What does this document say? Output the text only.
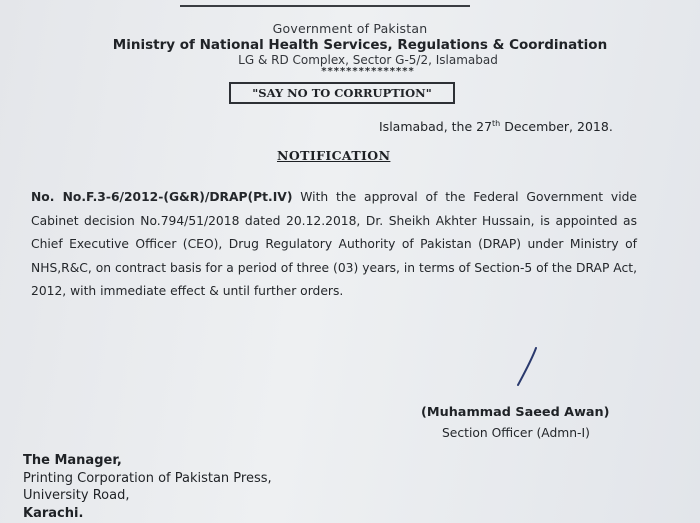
Government of Pakistan
Ministry of National Health Services, Regulations & Coordination
LG & RD Complex, Sector G-5/2, Islamabad
***************
"SAY NO TO CORRUPTION"
Islamabad, the 27th December, 2018.
NOTIFICATION

No. No.F.3-6/2012-(G&R)/DRAP(Pt.IV) With the approval of the Federal Government vide Cabinet decision No.794/51/2018 dated 20.12.2018, Dr. Sheikh Akhter Hussain, is appointed as Chief Executive Officer (CEO), Drug Regulatory Authority of Pakistan (DRAP) under Ministry of NHS,R&C, on contract basis for a period of three (03) years, in terms of Section-5 of the DRAP Act, 2012, with immediate effect & until further orders.

(Muhammad Saeed Awan)
Section Officer (Admn-I)
The Manager,
Printing Corporation of Pakistan Press,
University Road,
Karachi.
